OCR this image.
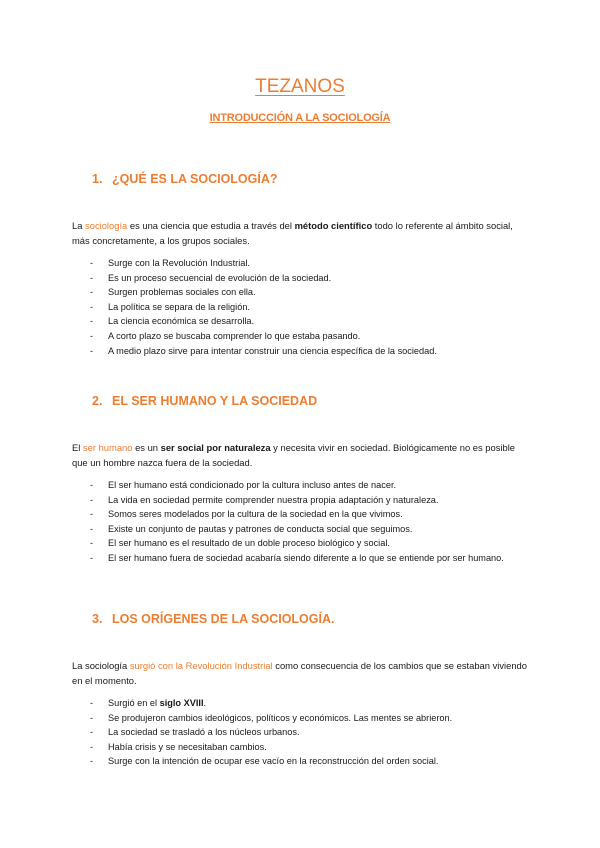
TEZANOS
INTRODUCCIÓN A LA SOCIOLOGÍA
1. ¿QUÉ ES LA SOCIOLOGÍA?

La sociología es una ciencia que estudia a través del método científico todo lo referente al ámbito social, más concretamente, a los grupos sociales.

- Surge con la Revolución Industrial.
- Es un proceso secuencial de evolución de la sociedad.
- Surgen problemas sociales con ella.
- La política se separa de la religión.
- La ciencia económica se desarrolla.
- A corto plazo se buscaba comprender lo que estaba pasando.
- A medio plazo sirve para intentar construir una ciencia específica de la sociedad.
2. EL SER HUMANO Y LA SOCIEDAD

El ser humano es un ser social por naturaleza y necesita vivir en sociedad. Biológicamente no es posible que un hombre nazca fuera de la sociedad.

- El ser humano está condicionado por la cultura incluso antes de nacer.
- La vida en sociedad permite comprender nuestra propia adaptación y naturaleza.
- Somos seres modelados por la cultura de la sociedad en la que vivimos.
- Existe un conjunto de pautas y patrones de conducta social que seguimos.
- El ser humano es el resultado de un doble proceso biológico y social.
- El ser humano fuera de sociedad acabaría siendo diferente a lo que se entiende por ser humano.
3. LOS ORÍGENES DE LA SOCIOLOGÍA.

La sociología surgió con la Revolución Industrial como consecuencia de los cambios que se estaban viviendo en el momento.

- Surgió en el siglo XVIII.
- Se produjeron cambios ideológicos, políticos y económicos. Las mentes se abrieron.
- La sociedad se trasladó a los núcleos urbanos.
- Había crisis y se necesitaban cambios.
- Surge con la intención de ocupar ese vacío en la reconstrucción del orden social.
